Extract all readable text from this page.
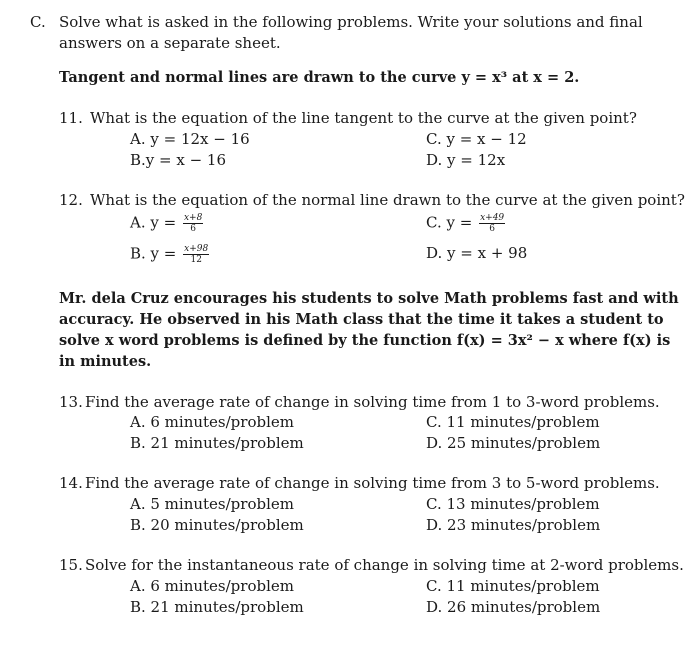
C. Solve what is asked in the following problems. Write your solutions and final
answers on a separate sheet.
Tangent and normal lines are drawn to the curve y = x³ at x = 2.
11. What is the equation of the line tangent to the curve at the given point?
A. y = 12x − 16	C. y = x − 12
B.y = x − 16	D. y = 12x
12. What is the equation of the normal line drawn to the curve at the given point?
A. $y = \frac{x+8}{6}$	C. $y = \frac{x+49}{6}$
B. $y = \frac{x+98}{12}$	D. y = x + 98
Mr. dela Cruz encourages his students to solve Math problems fast and with
accuracy. He observed in his Math class that the time it takes a student to
solve x word problems is defined by the function f(x) = 3x² − x where f(x) is
in minutes.
13. Find the average rate of change in solving time from 1 to 3-word problems.
A. 6 minutes/problem	C. 11 minutes/problem
B. 21 minutes/problem	D. 25 minutes/problem
14. Find the average rate of change in solving time from 3 to 5-word problems.
A. 5 minutes/problem	C. 13 minutes/problem
B. 20 minutes/problem	D. 23 minutes/problem
15. Solve for the instantaneous rate of change in solving time at 2-word problems.
A. 6 minutes/problem	C. 11 minutes/problem
B. 21 minutes/problem	D. 26 minutes/problem
